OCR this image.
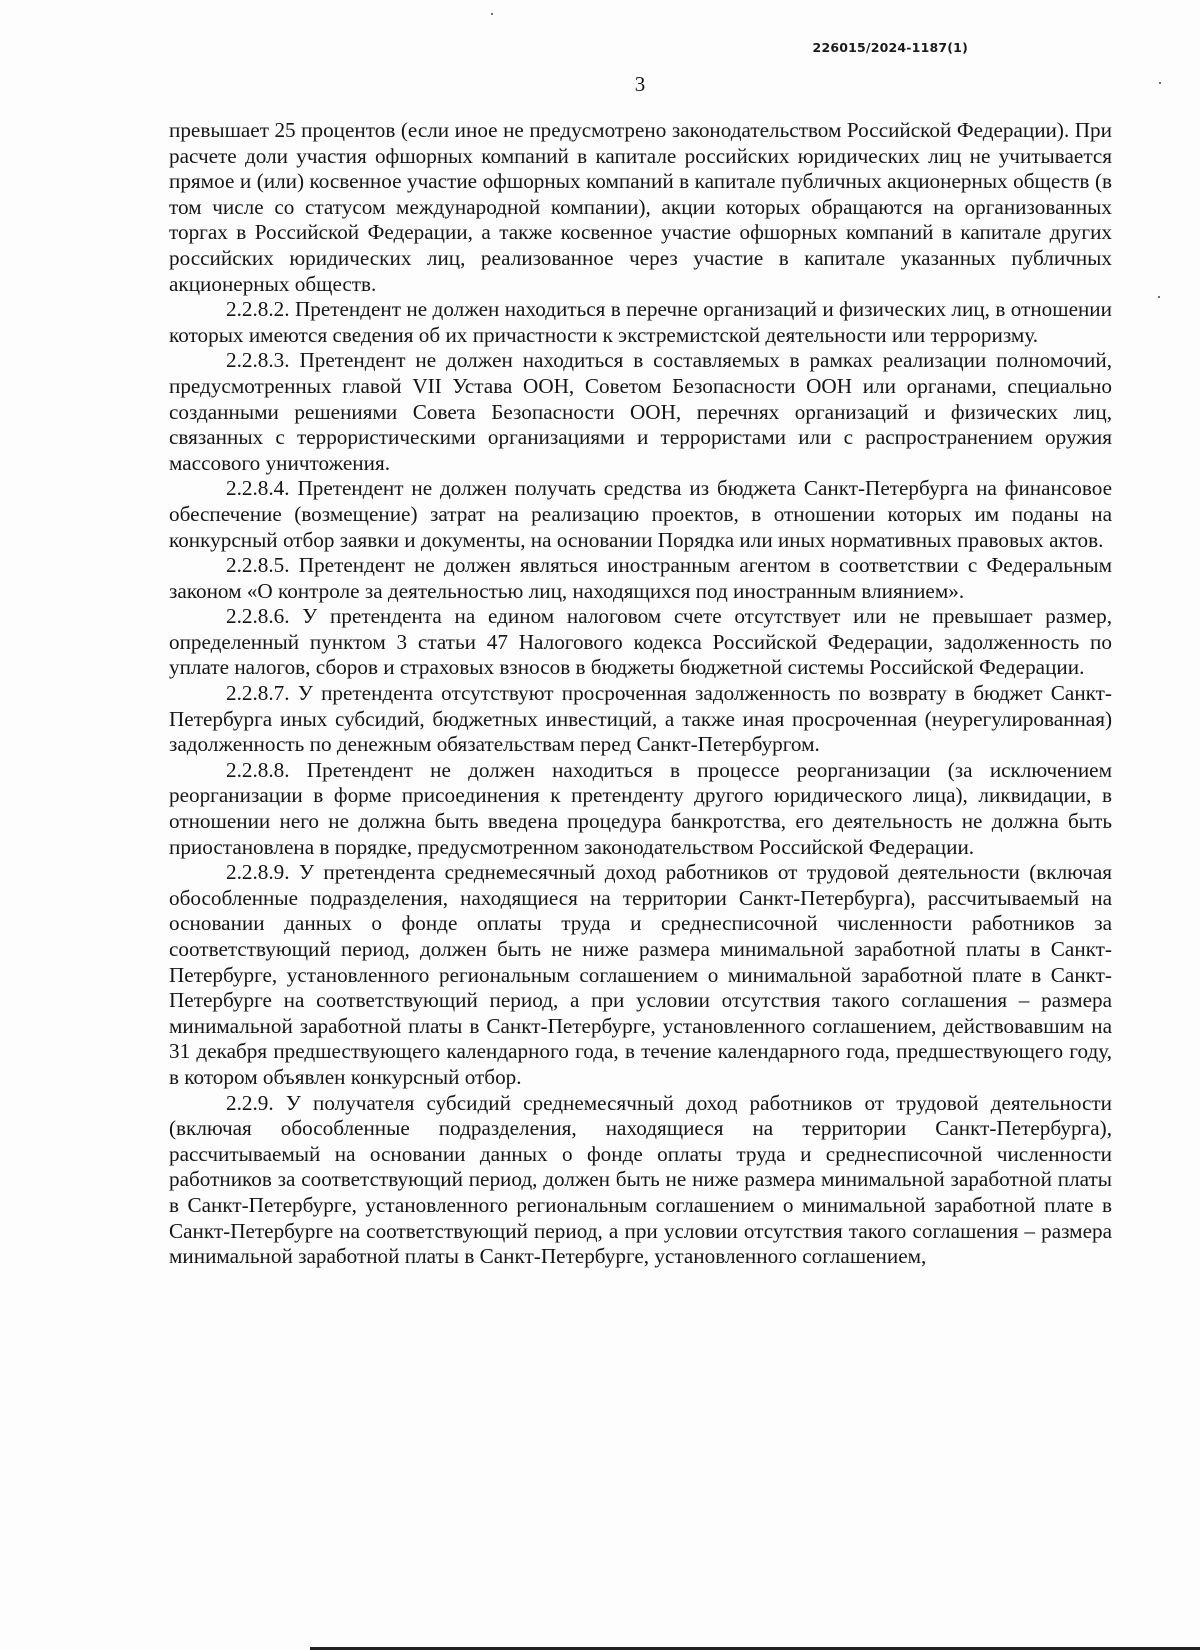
226015/2024-1187(1)
3

превышает 25 процентов (если иное не предусмотрено законодательством Российской Федерации). При расчете доли участия офшорных компаний в капитале российских юридических лиц не учитывается прямое и (или) косвенное участие офшорных компаний в капитале публичных акционерных обществ (в том числе со статусом международной компании), акции которых обращаются на организованных торгах в Российской Федерации, а также косвенное участие офшорных компаний в капитале других российских юридических лиц, реализованное через участие в капитале указанных публичных акционерных обществ.

2.2.8.2. Претендент не должен находиться в перечне организаций и физических лиц, в отношении которых имеются сведения об их причастности к экстремистской деятельности или терроризму.

2.2.8.3. Претендент не должен находиться в составляемых в рамках реализации полномочий, предусмотренных главой VII Устава ООН, Советом Безопасности ООН или органами, специально созданными решениями Совета Безопасности ООН, перечнях организаций и физических лиц, связанных с террористическими организациями и террористами или с распространением оружия массового уничтожения.

2.2.8.4. Претендент не должен получать средства из бюджета Санкт-Петербурга на финансовое обеспечение (возмещение) затрат на реализацию проектов, в отношении которых им поданы на конкурсный отбор заявки и документы, на основании Порядка или иных нормативных правовых актов.

2.2.8.5. Претендент не должен являться иностранным агентом в соответствии с Федеральным законом «О контроле за деятельностью лиц, находящихся под иностранным влиянием».

2.2.8.6. У претендента на едином налоговом счете отсутствует или не превышает размер, определенный пунктом 3 статьи 47 Налогового кодекса Российской Федерации, задолженность по уплате налогов, сборов и страховых взносов в бюджеты бюджетной системы Российской Федерации.

2.2.8.7. У претендента отсутствуют просроченная задолженность по возврату в бюджет Санкт-Петербурга иных субсидий, бюджетных инвестиций, а также иная просроченная (неурегулированная) задолженность по денежным обязательствам перед Санкт-Петербургом.

2.2.8.8. Претендент не должен находиться в процессе реорганизации (за исключением реорганизации в форме присоединения к претенденту другого юридического лица), ликвидации, в отношении него не должна быть введена процедура банкротства, его деятельность не должна быть приостановлена в порядке, предусмотренном законодательством Российской Федерации.

2.2.8.9. У претендента среднемесячный доход работников от трудовой деятельности (включая обособленные подразделения, находящиеся на территории Санкт-Петербурга), рассчитываемый на основании данных о фонде оплаты труда и среднесписочной численности работников за соответствующий период, должен быть не ниже размера минимальной заработной платы в Санкт-Петербурге, установленного региональным соглашением о минимальной заработной плате в Санкт-Петербурге на соответствующий период, а при условии отсутствия такого соглашения – размера минимальной заработной платы в Санкт-Петербурге, установленного соглашением, действовавшим на 31 декабря предшествующего календарного года, в течение календарного года, предшествующего году, в котором объявлен конкурсный отбор.

2.2.9. У получателя субсидий среднемесячный доход работников от трудовой деятельности (включая обособленные подразделения, находящиеся на территории Санкт-Петербурга), рассчитываемый на основании данных о фонде оплаты труда и среднесписочной численности работников за соответствующий период, должен быть не ниже размера минимальной заработной платы в Санкт-Петербурге, установленного региональным соглашением о минимальной заработной плате в Санкт-Петербурге на соответствующий период, а при условии отсутствия такого соглашения – размера минимальной заработной платы в Санкт-Петербурге, установленного соглашением,
